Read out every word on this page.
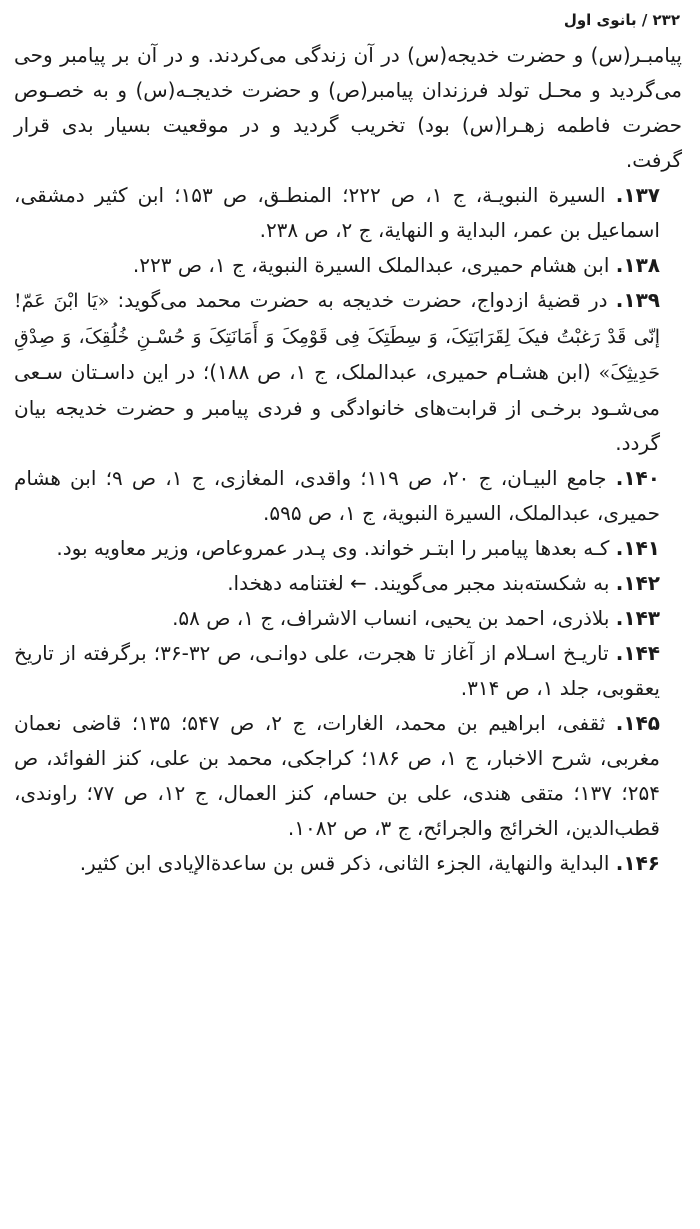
۲۳۲ / بانوی اول

پیامبـر(س) و حضرت خدیجه(س) در آن زندگی می‌کردند. و در آن بر پیامبر وحی می‌گردید و محـل تولد فرزندان پیامبر(ص) و حضرت خدیجـه(س) و به خصـوص حضرت فاطمه زهـرا(س) بود) تخریب گردید و در موقعیت بسیار بدی قرار گرفت.

۱۳۷. السیرة النبویـة، ج ۱، ص ۲۲۲؛ المنطـق، ص ۱۵۳؛ ابن کثیر دمشقی، اسماعیل بن عمر، البدایة و النهایة، ج ۲، ص ۲۳۸.

۱۳۸. ابن هشام حمیری، عبدالملک السیرة النبویة، ج ۱، ص ۲۲۳.

۱۳۹. در قضیۀ ازدواج، حضرت خدیجه به حضرت محمد می‌گوید: «یَا ابْنَ عَمّ! إنّی قَدْ رَغبْتُ فیکَ لِقَرَابَتِکَ، وَ سِطَتِکَ فِی قَوْمِکَ وَ أَمَانَتِکَ وَ حُسْـنِ خُلُقِکَ، وَ صِدْقِ حَدِیثِکَ» (ابن هشـام حمیری، عبدالملک، ج ۱، ص ۱۸۸)؛ در این داسـتان سـعی می‌شـود برخـی از قرابت‌های خانوادگی و فردی پیامبر و حضرت خدیجه بیان گردد.

۱۴۰. جامع البیـان، ج ۲۰، ص ۱۱۹؛ واقدی، المغازی، ج ۱، ص ۹؛ ابن هشام حمیری، عبدالملک، السیرة النبویة، ج ۱، ص ۵۹۵.

۱۴۱. کـه بعدها پیامبر را ابتـر خواند. وی پـدر عمروعاص، وزیر معاویه بود.

۱۴۲. به شکسته‌بند مجبر می‌گویند. ← لغتنامه دهخدا.

۱۴۳. بلاذری، احمد بن یحیی، انساب الاشراف، ج ۱، ص ۵۸.

۱۴۴. تاریـخ اسـلام از آغاز تا هجرت، علی دوانـی، ص ۳۲-۳۶؛ برگرفته از تاریخ یعقوبی، جلد ۱، ص ۳۱۴.

۱۴۵. ثقفی، ابراهیم بن محمد، الغارات، ج ۲، ص ۵۴۷؛ ۱۳۵؛ قاضی نعمان مغربی، شرح الاخبار، ج ۱، ص ۱۸۶؛ کراجکی، محمد بن علی، کنز الفوائد، ص ۲۵۴؛ ۱۳۷؛ متقی هندی، علی بن حسام، کنز العمال، ج ۱۲، ص ۷۷؛ راوندی، قطب‌الدین، الخرائج والجرائح، ج ۳، ص ۱۰۸۲.

۱۴۶. البدایة والنهایة، الجزء الثانی، ذکر قس بن ساعدة‌الإیادی ابن کثیر.
